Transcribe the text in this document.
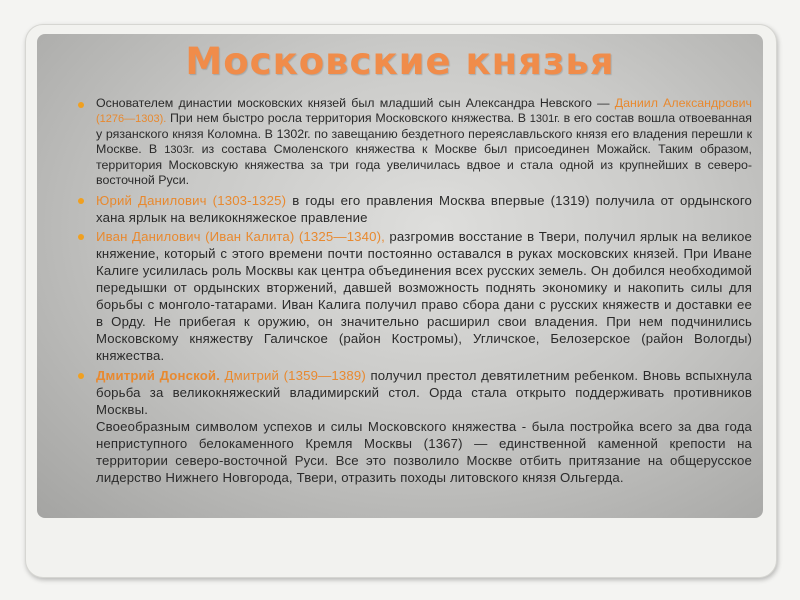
Московские князья
Основателем династии московских князей был младший сын Александра Невского — Даниил Александрович (1276—1303). При нем быстро росла территория Московского княжества. В 1301г. в его состав вошла отвоеванная у рязанского князя Коломна. В 1302г. по завещанию бездетного переяславльского князя его владения перешли к Москве. В 1303г. из состава Смоленского княжества к Москве был присоединен Можайск. Таким образом, территория Московскую княжества за три года увеличилась вдвое и стала одной из крупнейших в северо-восточной Руси.
Юрий Данилович (1303-1325) в годы его правления Москва впервые (1319) получила от ордынского хана ярлык на великокняжеское правление
Иван Данилович (Иван Калита) (1325—1340), разгромив восстание в Твери, получил ярлык на великое княжение, который с этого времени почти постоянно оставался в руках московских князей. При Иване Калиге усилилась роль Москвы как центра объединения всех русских земель. Он добился необходимой передышки от ордынских вторжений, давшей возможность поднять экономику и накопить силы для борьбы с монголо-татарами. Иван Калига получил право сбора дани с русских княжеств и доставки ее в Орду. Не прибегая к оружию, он значительно расширил свои владения. При нем подчинились Московскому княжеству Галичское (район Костромы), Угличское, Белозерское (район Вологды) княжества.
Дмитрий Донской. Дмитрий (1359—1389) получил престол девятилетним ребенком. Вновь вспыхнула борьба за великокняжеский владимирский стол. Орда стала открыто поддерживать противников Москвы.
Своеобразным символом успехов и силы Московского княжества - была постройка всего за два года неприступного белокаменного Кремля Москвы (1367) — единственной каменной крепости на территории северо-восточной Руси. Все это позволило Москве отбить притязание на общерусское лидерство Нижнего Новгорода, Твери, отразить походы литовского князя Ольгерда.
